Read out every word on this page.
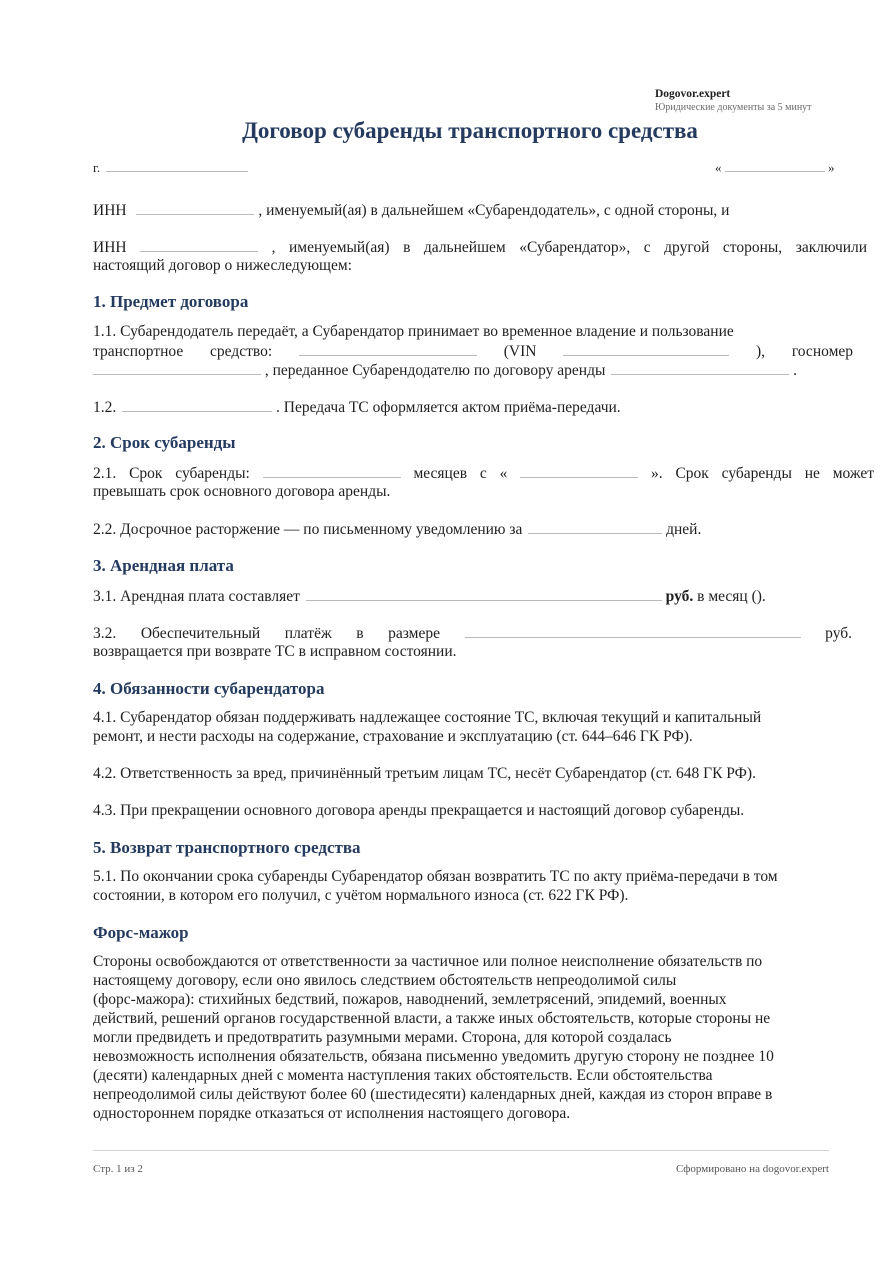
Dogovor.expert
Юридические документы за 5 минут
Договор субаренды транспортного средства
г.	«	»
ИНН	, именуемый(ая) в дальнейшем «Субарендодатель», с одной стороны, и
ИНН	, именуемый(ая) в дальнейшем «Субарендатор», с другой стороны, заключили
настоящий договор о нижеследующем:
1. Предмет договора
1.1. Субарендодатель передаёт, а Субарендатор принимает во временное владение и пользование
транспортное средство:	(VIN	), госномер
, переданное Субарендодателю по договору аренды	.
1.2.	. Передача ТС оформляется актом приёма-передачи.
2. Срок субаренды
2.1. Срок субаренды:	месяцев с «	». Срок субаренды не может
превышать срок основного договора аренды.
2.2. Досрочное расторжение — по письменному уведомлению за	дней.
3. Арендная плата
3.1. Арендная плата составляет	руб. в месяц ().
3.2. Обеспечительный платёж в размере	руб.
возвращается при возврате ТС в исправном состоянии.
4. Обязанности субарендатора
4.1. Субарендатор обязан поддерживать надлежащее состояние ТС, включая текущий и капитальный
ремонт, и нести расходы на содержание, страхование и эксплуатацию (ст. 644–646 ГК РФ).
4.2. Ответственность за вред, причинённый третьим лицам ТС, несёт Субарендатор (ст. 648 ГК РФ).
4.3. При прекращении основного договора аренды прекращается и настоящий договор субаренды.
5. Возврат транспортного средства
5.1. По окончании срока субаренды Субарендатор обязан возвратить ТС по акту приёма-передачи в том
состоянии, в котором его получил, с учётом нормального износа (ст. 622 ГК РФ).
Форс-мажор
Стороны освобождаются от ответственности за частичное или полное неисполнение обязательств по
настоящему договору, если оно явилось следствием обстоятельств непреодолимой силы
(форс-мажора): стихийных бедствий, пожаров, наводнений, землетрясений, эпидемий, военных
действий, решений органов государственной власти, а также иных обстоятельств, которые стороны не
могли предвидеть и предотвратить разумными мерами. Сторона, для которой создалась
невозможность исполнения обязательств, обязана письменно уведомить другую сторону не позднее 10
(десяти) календарных дней с момента наступления таких обстоятельств. Если обстоятельства
непреодолимой силы действуют более 60 (шестидесяти) календарных дней, каждая из сторон вправе в
одностороннем порядке отказаться от исполнения настоящего договора.
Стр. 1 из 2	Сформировано на dogovor.expert
